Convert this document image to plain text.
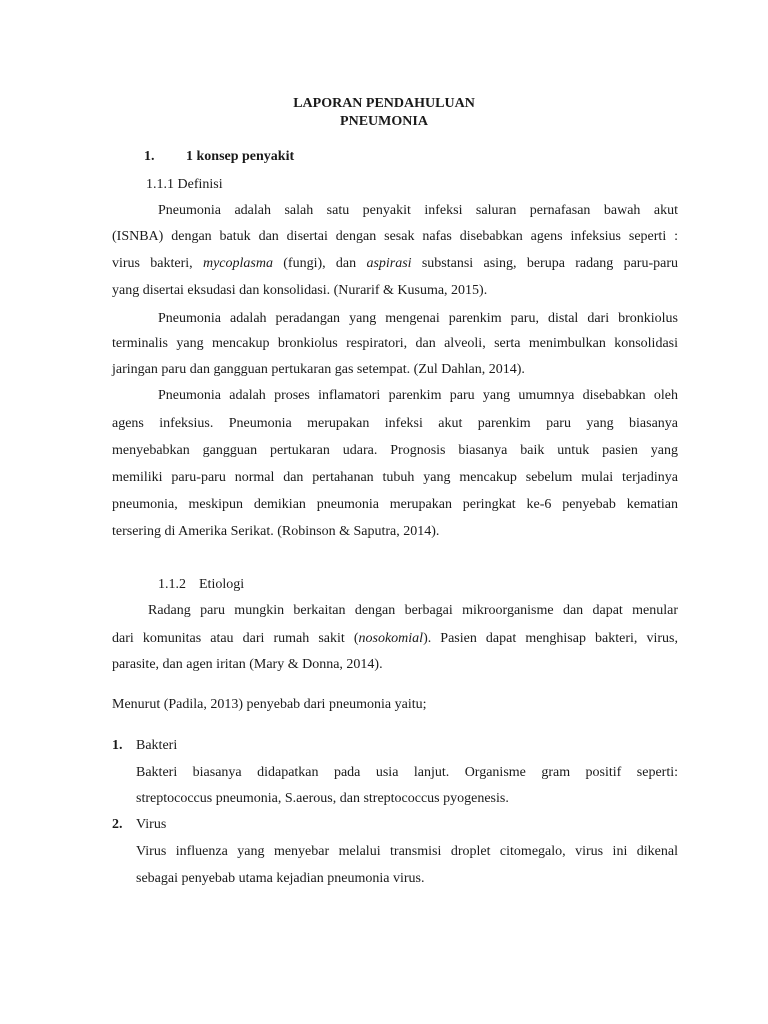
LAPORAN PENDAHULUAN
PNEUMONIA
1. 1 konsep penyakit
1.1.1 Definisi
Pneumonia adalah salah satu penyakit infeksi saluran pernafasan bawah akut
(ISNBA) dengan batuk dan disertai dengan sesak nafas disebabkan agens infeksius seperti :
virus bakteri, mycoplasma (fungi), dan aspirasi substansi asing, berupa radang paru-paru
yang disertai eksudasi dan konsolidasi. (Nurarif & Kusuma, 2015).
Pneumonia adalah peradangan yang mengenai parenkim paru, distal dari bronkiolus
terminalis yang mencakup bronkiolus respiratori, dan alveoli, serta menimbulkan konsolidasi
jaringan paru dan gangguan pertukaran gas setempat. (Zul Dahlan, 2014).
Pneumonia adalah proses inflamatori parenkim paru yang umumnya disebabkan oleh
agens infeksius. Pneumonia merupakan infeksi akut parenkim paru yang biasanya
menyebabkan gangguan pertukaran udara. Prognosis biasanya baik untuk pasien yang
memiliki paru-paru normal dan pertahanan tubuh yang mencakup sebelum mulai terjadinya
pneumonia, meskipun demikian pneumonia merupakan peringkat ke-6 penyebab kematian
tersering di Amerika Serikat. (Robinson & Saputra, 2014).
1.1.2 Etiologi
Radang paru mungkin berkaitan dengan berbagai mikroorganisme dan dapat menular
dari komunitas atau dari rumah sakit (nosokomial). Pasien dapat menghisap bakteri, virus,
parasite, dan agen iritan (Mary & Donna, 2014).
Menurut (Padila, 2013) penyebab dari pneumonia yaitu;
1. Bakteri
Bakteri biasanya didapatkan pada usia lanjut. Organisme gram positif seperti:
streptococcus pneumonia, S.aerous, dan streptococcus pyogenesis.
2. Virus
Virus influenza yang menyebar melalui transmisi droplet citomegalo, virus ini dikenal
sebagai penyebab utama kejadian pneumonia virus.
